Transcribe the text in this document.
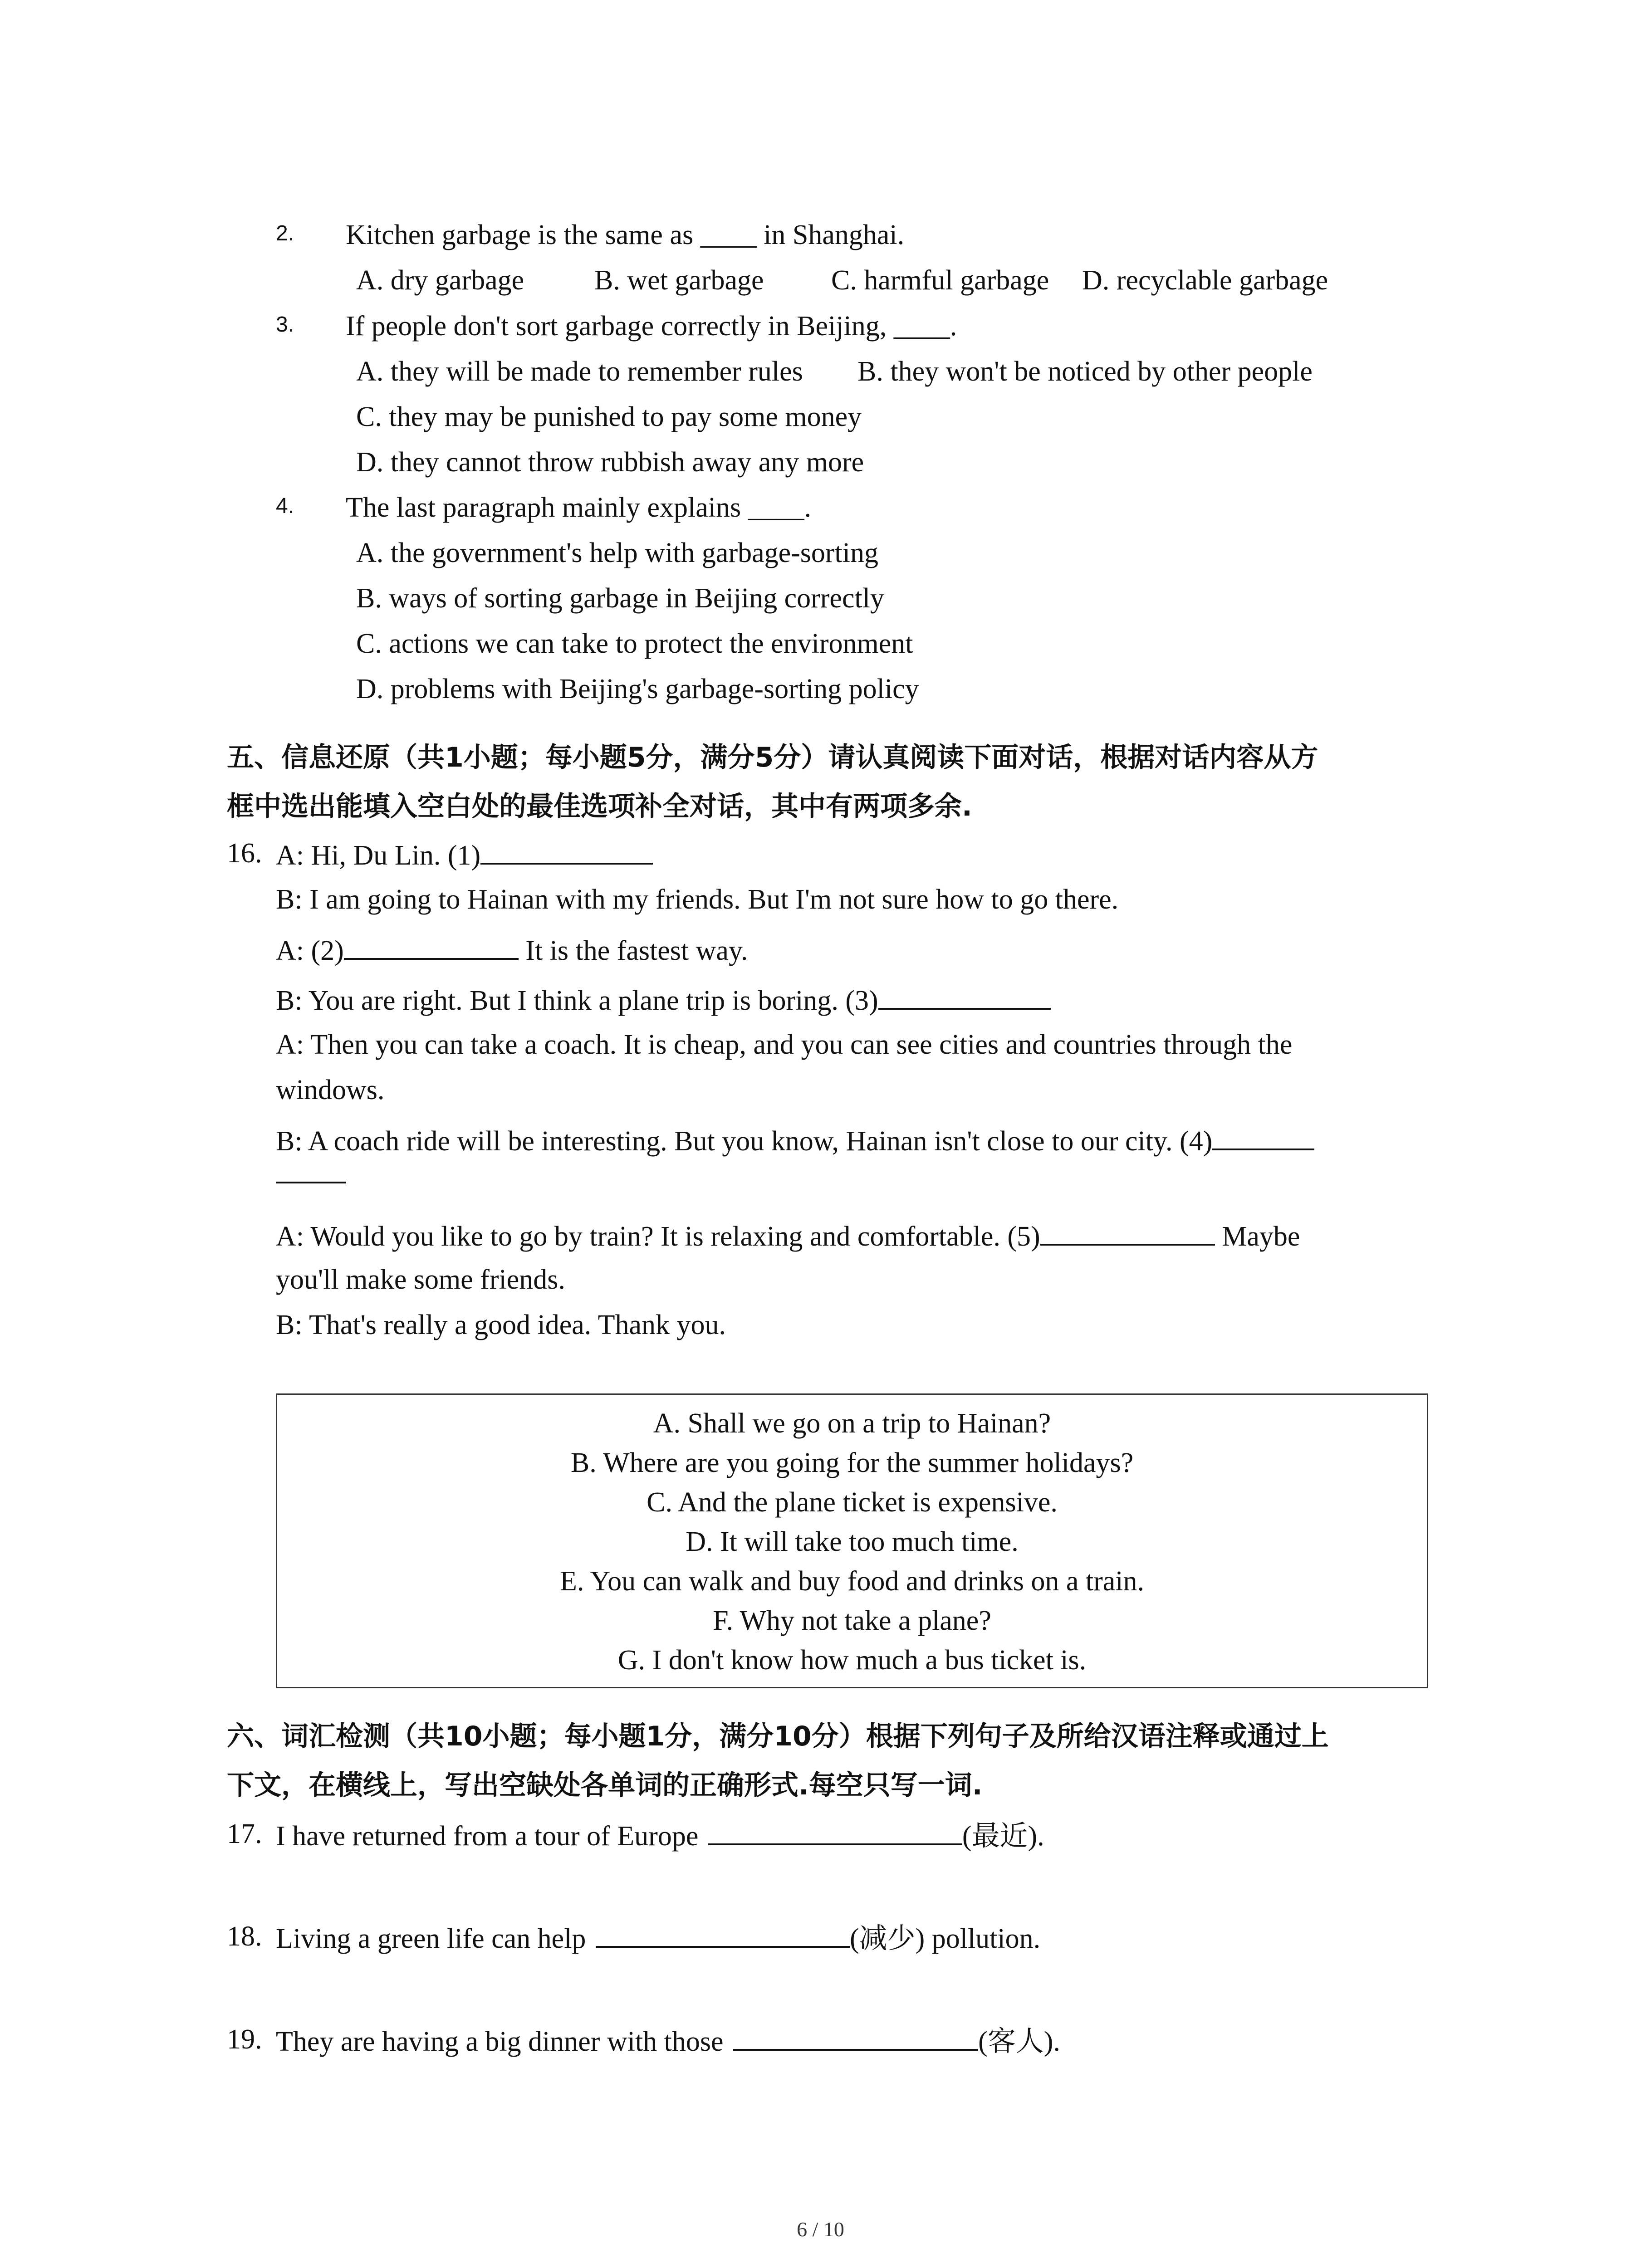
2. Kitchen garbage is the same as ____ in Shanghai.
A. dry garbage B. wet garbage C. harmful garbage D. recyclable garbage
3. If people don't sort garbage correctly in Beijing, ____.
A. they will be made to remember rules B. they won't be noticed by other people
C. they may be punished to pay some money
D. they cannot throw rubbish away any more
4. The last paragraph mainly explains ____.
A. the government's help with garbage-sorting
B. ways of sorting garbage in Beijing correctly
C. actions we can take to protect the environment
D. problems with Beijing's garbage-sorting policy
五、信息还原（共1小题；每小题5分，满分5分）请认真阅读下面对话，根据对话内容从方
框中选出能填入空白处的最佳选项补全对话，其中有两项多余.
16. A: Hi, Du Lin. (1)
B: I am going to Hainan with my friends. But I'm not sure how to go there.
A: (2)	It is the fastest way.
B: You are right. But I think a plane trip is boring. (3)
A: Then you can take a coach. It is cheap, and you can see cities and countries through the
windows.
B: A coach ride will be interesting. But you know, Hainan isn't close to our city. (4)
A: Would you like to go by train? It is relaxing and comfortable. (5)	Maybe
you'll make some friends.
B: That's really a good idea. Thank you.
A. Shall we go on a trip to Hainan?
B. Where are you going for the summer holidays?
C. And the plane ticket is expensive.
D. It will take too much time.
E. You can walk and buy food and drinks on a train.
F. Why not take a plane?
G. I don't know how much a bus ticket is.
六、词汇检测（共10小题；每小题1分，满分10分）根据下列句子及所给汉语注释或通过上
下文，在横线上，写出空缺处各单词的正确形式.每空只写一词.
17. I have returned from a tour of Europe	(最近).
18. Living a green life can help	(减少) pollution.
19. They are having a big dinner with those	(客人).
6 / 10
